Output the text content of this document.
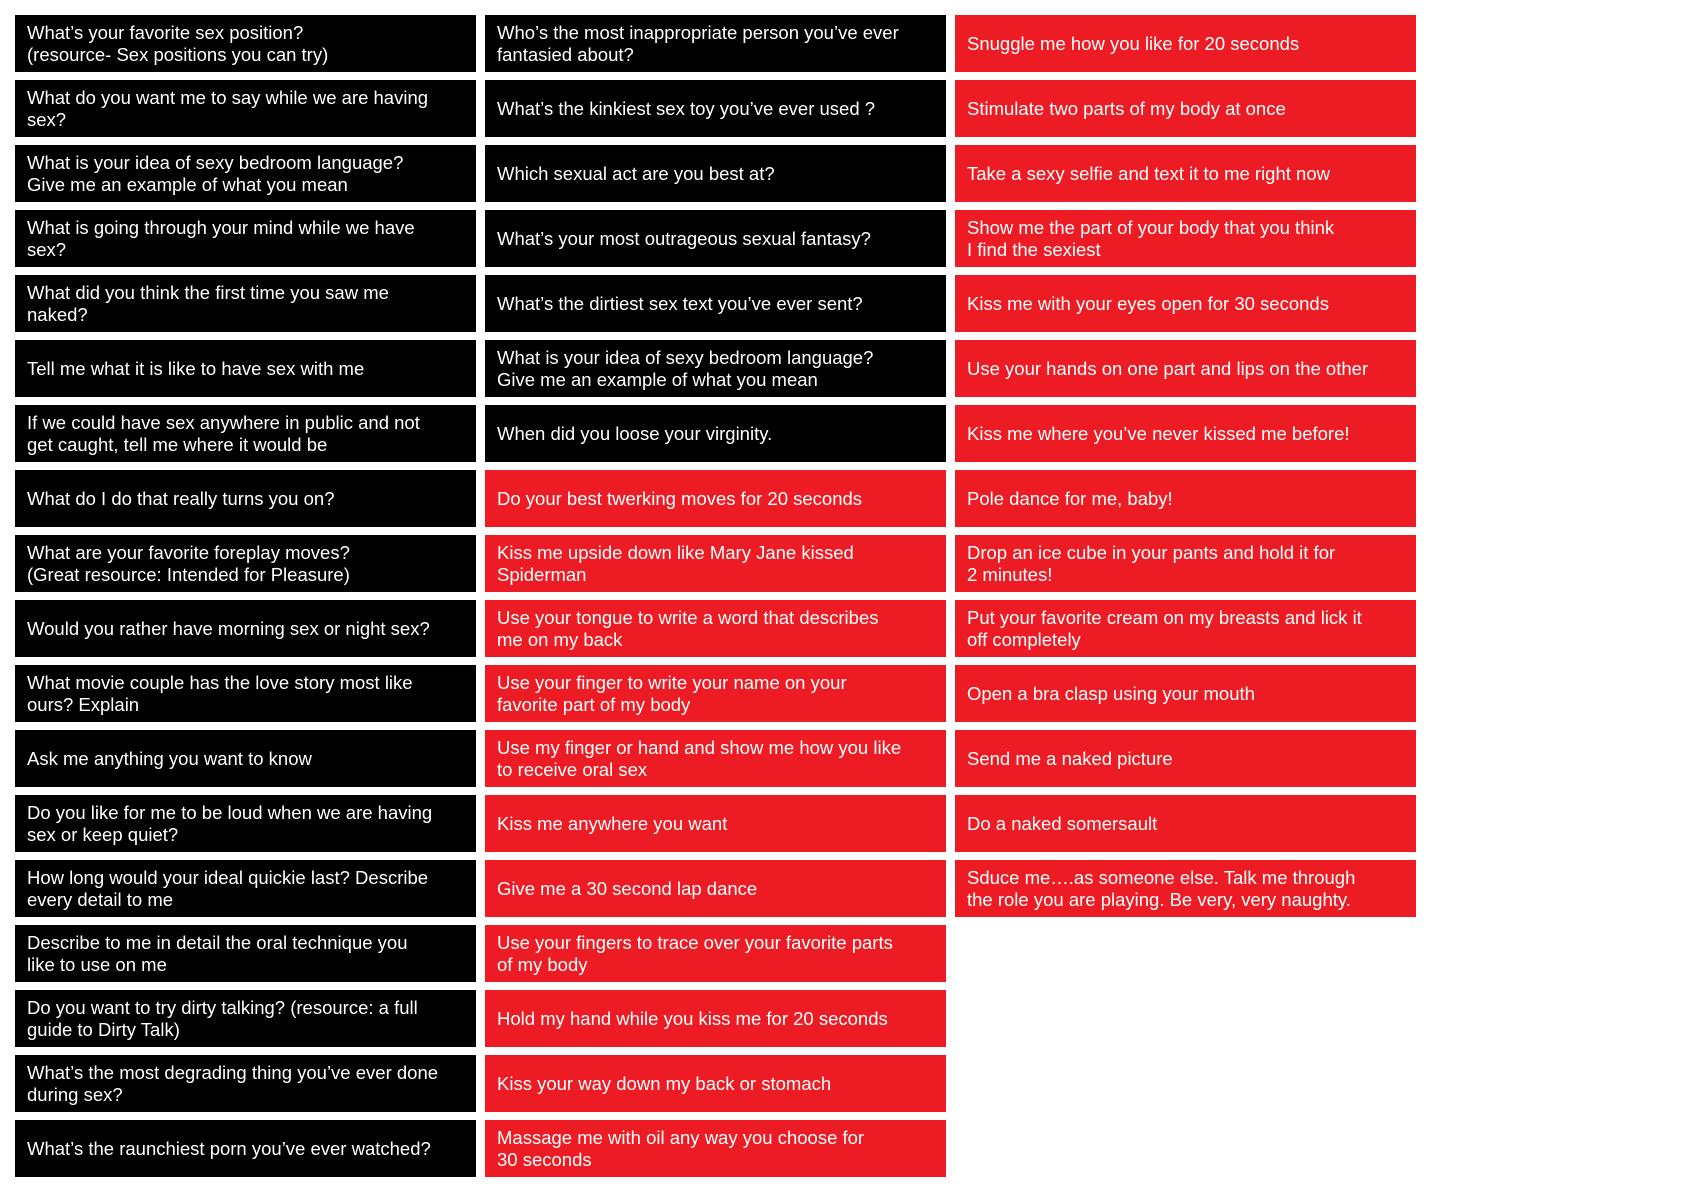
What’s your favorite sex position?
(resource- Sex positions you can try)
What do you want me to say while we are having
sex?
What is your idea of sexy bedroom language?
Give me an example of what you mean
What is going through your mind while we have
sex?
What did you think the first time you saw me
naked?
Tell me what it is like to have sex with me
If we could have sex anywhere in public and not
get caught, tell me where it would be
What do I do that really turns you on?
What are your favorite foreplay moves?
(Great resource: Intended for Pleasure)
Would you rather have morning sex or night sex?
What movie couple has the love story most like
ours? Explain
Ask me anything you want to know
Do you like for me to be loud when we are having
sex or keep quiet?
How long would your ideal quickie last? Describe
every detail to me
Describe to me in detail the oral technique you
like to use on me
Do you want to try dirty talking? (resource: a full
guide to Dirty Talk)
What’s the most degrading thing you’ve ever done
during sex?
What’s the raunchiest porn you’ve ever watched?
Who’s the most inappropriate person you’ve ever
fantasied about?
What’s the kinkiest sex toy you’ve ever used ?
Which sexual act are you best at?
What’s your most outrageous sexual fantasy?
What’s the dirtiest sex text you’ve ever sent?
What is your idea of sexy bedroom language?
Give me an example of what you mean
When did you loose your virginity.
Do your best twerking moves for 20 seconds
Kiss me upside down like Mary Jane kissed
Spiderman
Use your tongue to write a word that describes
me on my back
Use your finger to write your name on your
favorite part of my body
Use my finger or hand and show me how you like
to receive oral sex
Kiss me anywhere you want
Give me a 30 second lap dance
Use your fingers to trace over your favorite parts
of my body
Hold my hand while you kiss me for 20 seconds
Kiss your way down my back or stomach
Massage me with oil any way you choose for
30 seconds
Snuggle me how you like for 20 seconds
Stimulate two parts of my body at once
Take a sexy selfie and text it to me right now
Show me the part of your body that you think
I find the sexiest
Kiss me with your eyes open for 30 seconds
Use your hands on one part and lips on the other
Kiss me where you’ve never kissed me before!
Pole dance for me, baby!
Drop an ice cube in your pants and hold it for
2 minutes!
Put your favorite cream on my breasts and lick it
off completely
Open a bra clasp using your mouth
Send me a naked picture
Do a naked somersault
Sduce me….as someone else. Talk me through
the role you are playing. Be very, very naughty.
